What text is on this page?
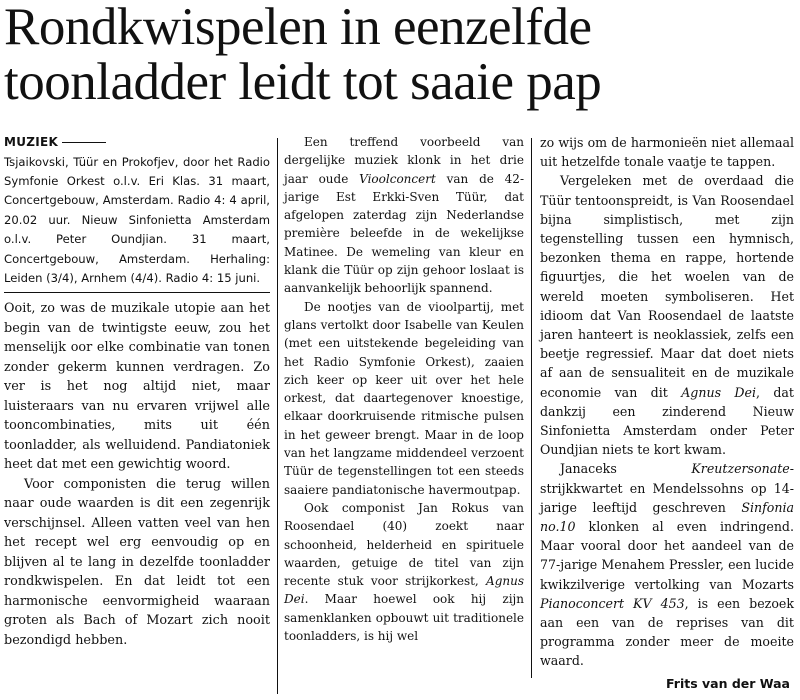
Rondkwispelen in eenzelfde
toonladder leidt tot saaie pap
MUZIEK
Tsjaikovski, Tüür en Prokofjev, door het Radio Symfonie Orkest o.l.v. Eri Klas. 31 maart, Concertgebouw, Amsterdam. Radio 4: 4 april, 20.02 uur. Nieuw Sinfonietta Amsterdam o.l.v. Peter Oundjian. 31 maart, Concertgebouw, Amsterdam. Herhaling: Leiden (3/4), Arnhem (4/4). Radio 4: 15 juni.

Ooit, zo was de muzikale utopie aan het begin van de twintigste eeuw, zou het menselijk oor elke combinatie van tonen zonder gekerm kunnen verdragen. Zo ver is het nog altijd niet, maar luisteraars van nu ervaren vrijwel alle tooncombinaties, mits uit één toonladder, als welluidend. Pandiatoniek heet dat met een gewichtig woord.

Voor componisten die terug willen naar oude waarden is dit een zegenrijk verschijnsel. Alleen vatten veel van hen het recept wel erg eenvoudig op en blijven al te lang in dezelfde toonladder rondkwispelen. En dat leidt tot een harmonische eenvormigheid waaraan groten als Bach of Mozart zich nooit bezondigd hebben.

Een treffend voorbeeld van dergelijke muziek klonk in het drie jaar oude Vioolconcert van de 42-jarige Est Erkki-Sven Tüür, dat afgelopen zaterdag zijn Nederlandse première beleefde in de wekelijkse Matinee. De wemeling van kleur en klank die Tüür op zijn gehoor loslaat is aanvankelijk behoorlijk spannend.

De nootjes van de vioolpartij, met glans vertolkt door Isabelle van Keulen (met een uitstekende begeleiding van het Radio Symfonie Orkest), zaaien zich keer op keer uit over het hele orkest, dat daartegenover knoestige, elkaar doorkruisende ritmische pulsen in het geweer brengt. Maar in de loop van het langzame middendeel verzoent Tüür de tegenstellingen tot een steeds saaiere pandiatonische havermoutpap.

Ook componist Jan Rokus van Roosendael (40) zoekt naar schoonheid, helderheid en spirituele waarden, getuige de titel van zijn recente stuk voor strijkorkest, Agnus Dei. Maar hoewel ook hij zijn samenklanken opbouwt uit traditionele toonladders, is hij wel

zo wijs om de harmonieën niet allemaal uit hetzelfde tonale vaatje te tappen.

Vergeleken met de overdaad die Tüür tentoonspreidt, is Van Roosendael bijna simplistisch, met zijn tegenstelling tussen een hymnisch, bezonken thema en rappe, hortende figuurtjes, die het woelen van de wereld moeten symboliseren. Het idioom dat Van Roosendael de laatste jaren hanteert is neoklassiek, zelfs een beetje regressief. Maar dat doet niets af aan de sensualiteit en de muzikale economie van dit Agnus Dei, dat dankzij een zinderend Nieuw Sinfonietta Amsterdam onder Peter Oundjian niets te kort kwam.

Janaceks Kreutzersonate-strijkkwartet en Mendelssohns op 14-jarige leeftijd geschreven Sinfonia no.10 klonken al even indringend. Maar vooral door het aandeel van de 77-jarige Menahem Pressler, een lucide kwikzilverige vertolking van Mozarts Pianoconcert KV 453, is een bezoek aan een van de reprises van dit programma zonder meer de moeite waard.

Frits van der Waa
